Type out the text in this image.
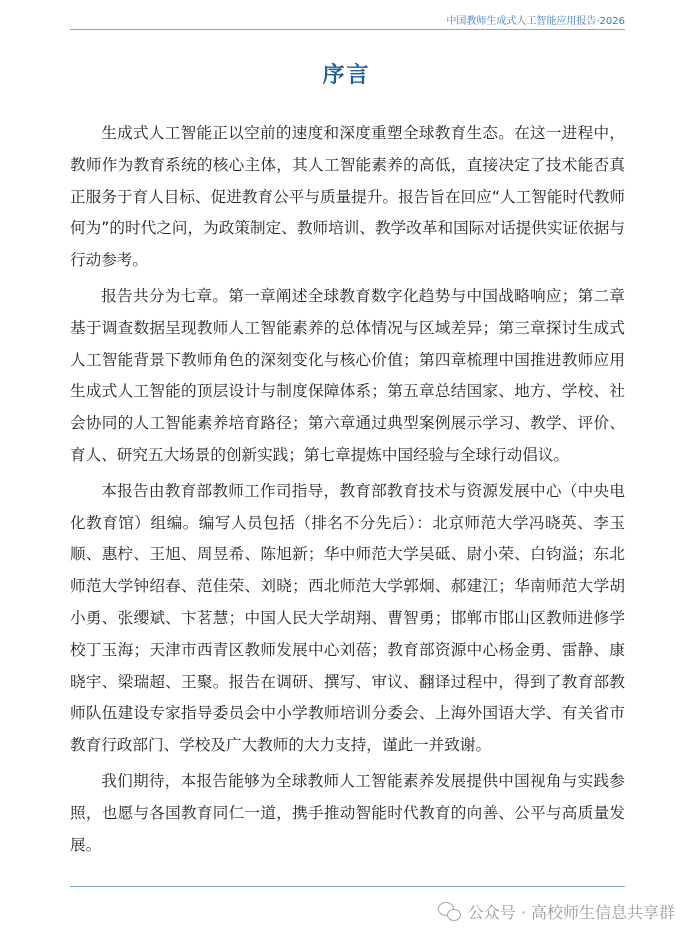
中国教师生成式人工智能应用报告·2026
序言

生成式人工智能正以空前的速度和深度重塑全球教育生态。在这一进程中，教师作为教育系统的核心主体，其人工智能素养的高低，直接决定了技术能否真正服务于育人目标、促进教育公平与质量提升。报告旨在回应“人工智能时代教师何为”的时代之问，为政策制定、教师培训、教学改革和国际对话提供实证依据与行动参考。

报告共分为七章。第一章阐述全球教育数字化趋势与中国战略响应；第二章基于调查数据呈现教师人工智能素养的总体情况与区域差异；第三章探讨生成式人工智能背景下教师角色的深刻变化与核心价值；第四章梳理中国推进教师应用生成式人工智能的顶层设计与制度保障体系；第五章总结国家、地方、学校、社会协同的人工智能素养培育路径；第六章通过典型案例展示学习、教学、评价、育人、研究五大场景的创新实践；第七章提炼中国经验与全球行动倡议。

本报告由教育部教师工作司指导，教育部教育技术与资源发展中心（中央电化教育馆）组编。编写人员包括（排名不分先后）：北京师范大学冯晓英、李玉顺、惠柠、王旭、周昱希、陈旭新；华中师范大学吴砥、尉小荣、白钧溢；东北师范大学钟绍春、范佳荣、刘晓；西北师范大学郭炯、郝建江；华南师范大学胡小勇、张缨斌、卞茗慧；中国人民大学胡翔、曹智勇；邯郸市邯山区教师进修学校丁玉海；天津市西青区教师发展中心刘蓓；教育部资源中心杨金勇、雷静、康晓宇、梁瑞超、王聚。报告在调研、撰写、审议、翻译过程中，得到了教育部教师队伍建设专家指导委员会中小学教师培训分委会、上海外国语大学、有关省市教育行政部门、学校及广大教师的大力支持，谨此一并致谢。

我们期待，本报告能够为全球教师人工智能素养发展提供中国视角与实践参照，也愿与各国教育同仁一道，携手推动智能时代教育的向善、公平与高质量发展。

公众号 · 高校师生信息共享群
